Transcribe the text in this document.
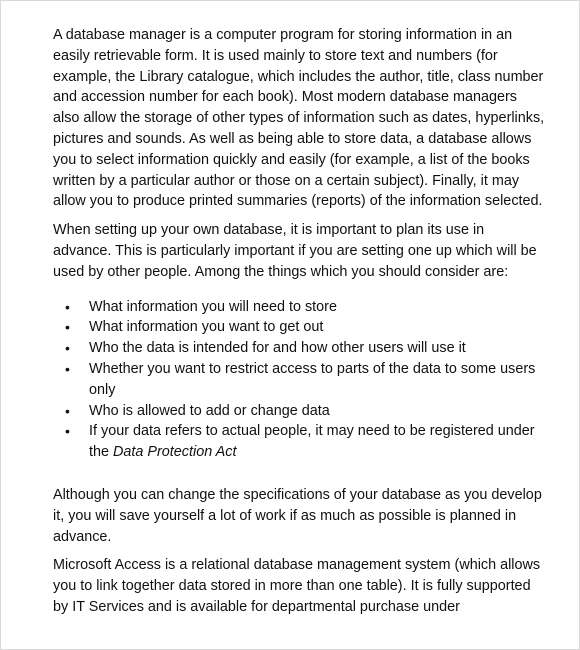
A database manager is a computer program for storing information in an easily retrievable form. It is used mainly to store text and numbers (for example, the Library catalogue, which includes the author, title, class number and accession number for each book). Most modern database managers also allow the storage of other types of information such as dates, hyperlinks, pictures and sounds. As well as being able to store data, a database allows you to select information quickly and easily (for example, a list of the books written by a particular author or those on a certain subject). Finally, it may allow you to produce printed summaries (reports) of the information selected.

When setting up your own database, it is important to plan its use in advance. This is particularly important if you are setting one up which will be used by other people. Among the things which you should consider are:

• What information you will need to store
• What information you want to get out
• Who the data is intended for and how other users will use it
• Whether you want to restrict access to parts of the data to some users only
• Who is allowed to add or change data
• If your data refers to actual people, it may need to be registered under the Data Protection Act

Although you can change the specifications of your database as you develop it, you will save yourself a lot of work if as much as possible is planned in advance.

Microsoft Access is a relational database management system (which allows you to link together data stored in more than one table). It is fully supported by IT Services and is available for departmental purchase under
